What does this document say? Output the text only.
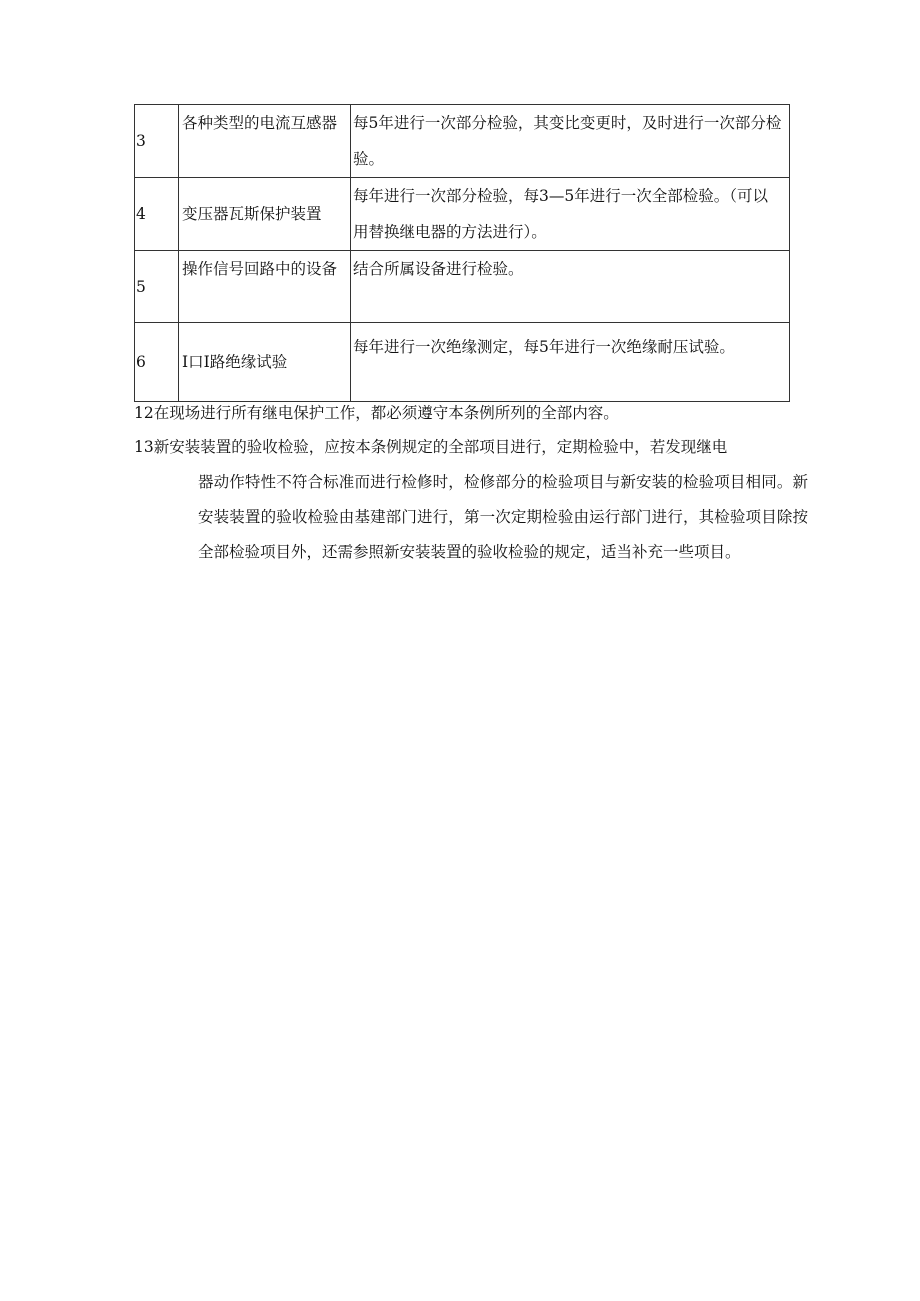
3	各种类型的电流互感器	每5年进行一次部分检验，其变比变更时，及时进行一次部分检验。
4	变压器瓦斯保护装置	每年进行一次部分检验，每3—5年进行一次全部检验。（可以用替换继电器的方法进行）。
5	操作信号回路中的设备	结合所属设备进行检验。
6	I口I路绝缘试验	每年进行一次绝缘测定，每5年进行一次绝缘耐压试验。

12在现场进行所有继电保护工作，都必须遵守本条例所列的全部内容。

13新安装装置的验收检验，应按本条例规定的全部项目进行，定期检验中，若发现继电

器动作特性不符合标准而进行检修时，检修部分的检验项目与新安装的检验项目相同。新安装装置的验收检验由基建部门进行，第一次定期检验由运行部门进行，其检验项目除按全部检验项目外，还需参照新安装装置的验收检验的规定，适当补充一些项目。
